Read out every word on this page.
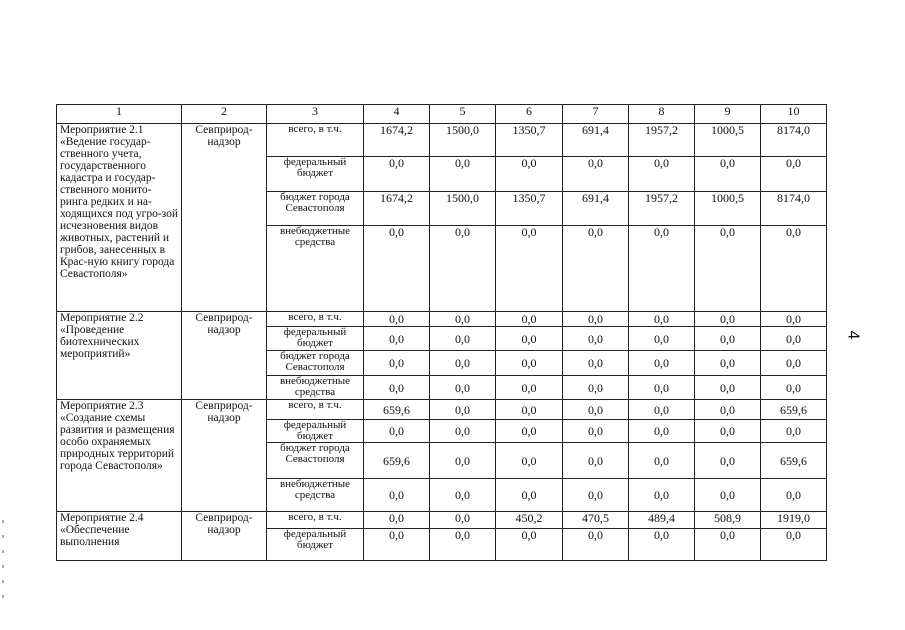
1	2	3	4	5	6	7	8	9	10
Мероприятие 2.1 «Ведение государ-ственного учета, государственного кадастра и государ-ственного монито-ринга редких и на-ходящихся под угро-зой исчезновения видов животных, растений и грибов, занесенных в Крас-ную книгу города Севастополя»	Севприрод-надзор	всего, в т.ч.	1674,2	1500,0	1350,7	691,4	1957,2	1000,5	8174,0
		федеральный бюджет	0,0	0,0	0,0	0,0	0,0	0,0	0,0
		бюджет города Севастополя	1674,2	1500,0	1350,7	691,4	1957,2	1000,5	8174,0
		внебюджетные средства	0,0	0,0	0,0	0,0	0,0	0,0	0,0
Мероприятие 2.2 «Проведение биотехнических мероприятий»	Севприрод-надзор	всего, в т.ч.	0,0	0,0	0,0	0,0	0,0	0,0	0,0
		федеральный бюджет	0,0	0,0	0,0	0,0	0,0	0,0	0,0
		бюджет города Севастополя	0,0	0,0	0,0	0,0	0,0	0,0	0,0
		внебюджетные средства	0,0	0,0	0,0	0,0	0,0	0,0	0,0
Мероприятие 2.3 «Создание схемы развития и размещения особо охраняемых природных территорий города Севастополя»	Севприрод-надзор	всего, в т.ч.	659,6	0,0	0,0	0,0	0,0	0,0	659,6
		федеральный бюджет	0,0	0,0	0,0	0,0	0,0	0,0	0,0
		бюджет города Севастополя	659,6	0,0	0,0	0,0	0,0	0,0	659,6
		внебюджетные средства	0,0	0,0	0,0	0,0	0,0	0,0	0,0
Мероприятие 2.4 «Обеспечение выполнения	Севприрод-надзор	всего, в т.ч.	0,0	0,0	450,2	470,5	489,4	508,9	1919,0
		федеральный бюджет	0,0	0,0	0,0	0,0	0,0	0,0	0,0
4
